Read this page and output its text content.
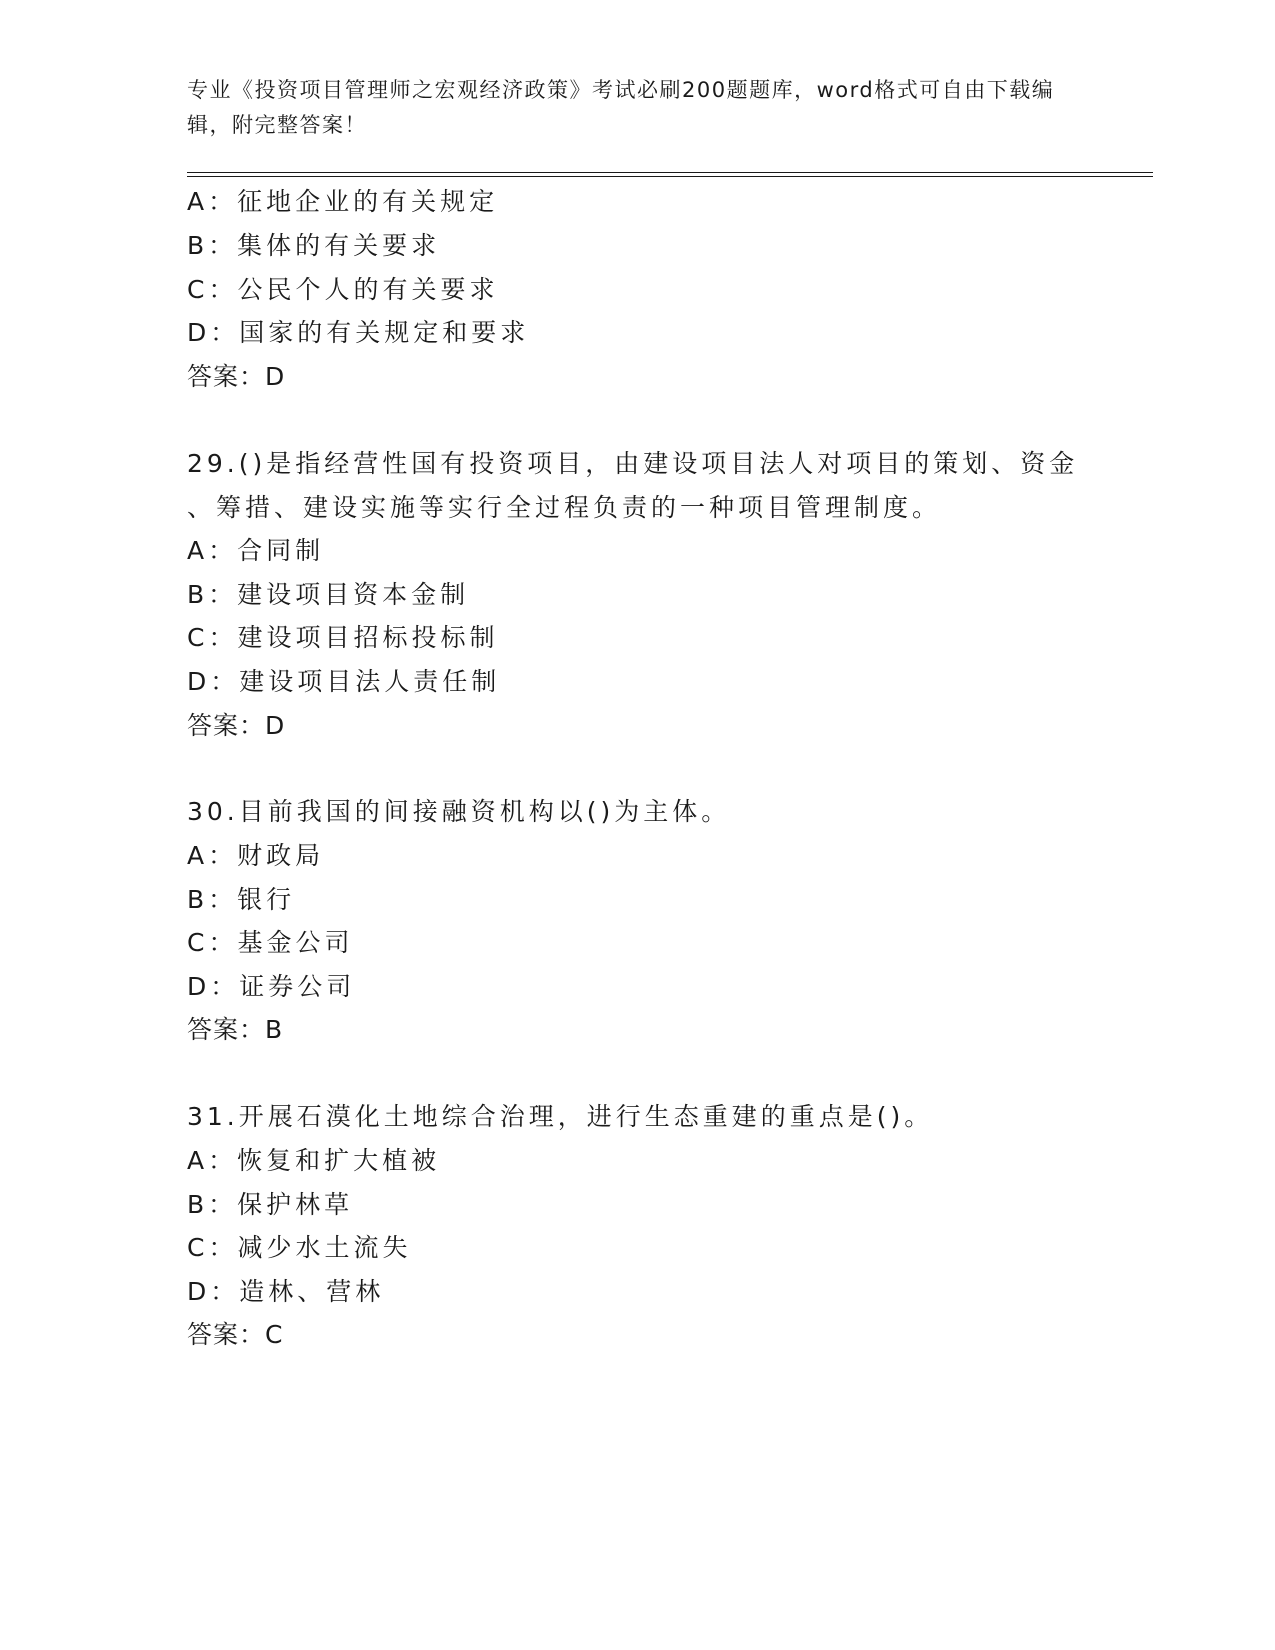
专业《投资项目管理师之宏观经济政策》考试必刷200题题库，word格式可自由下载编辑，附完整答案！
A：征地企业的有关规定
B：集体的有关要求
C：公民个人的有关要求
D：国家的有关规定和要求
答案：D
29.()是指经营性国有投资项目，由建设项目法人对项目的策划、资金
、筹措、建设实施等实行全过程负责的一种项目管理制度。
A：合同制
B：建设项目资本金制
C：建设项目招标投标制
D：建设项目法人责任制
答案：D
30.目前我国的间接融资机构以()为主体。
A：财政局
B：银行
C：基金公司
D：证券公司
答案：B
31.开展石漠化土地综合治理，进行生态重建的重点是()。
A：恢复和扩大植被
B：保护林草
C：减少水土流失
D：造林、营林
答案：C
